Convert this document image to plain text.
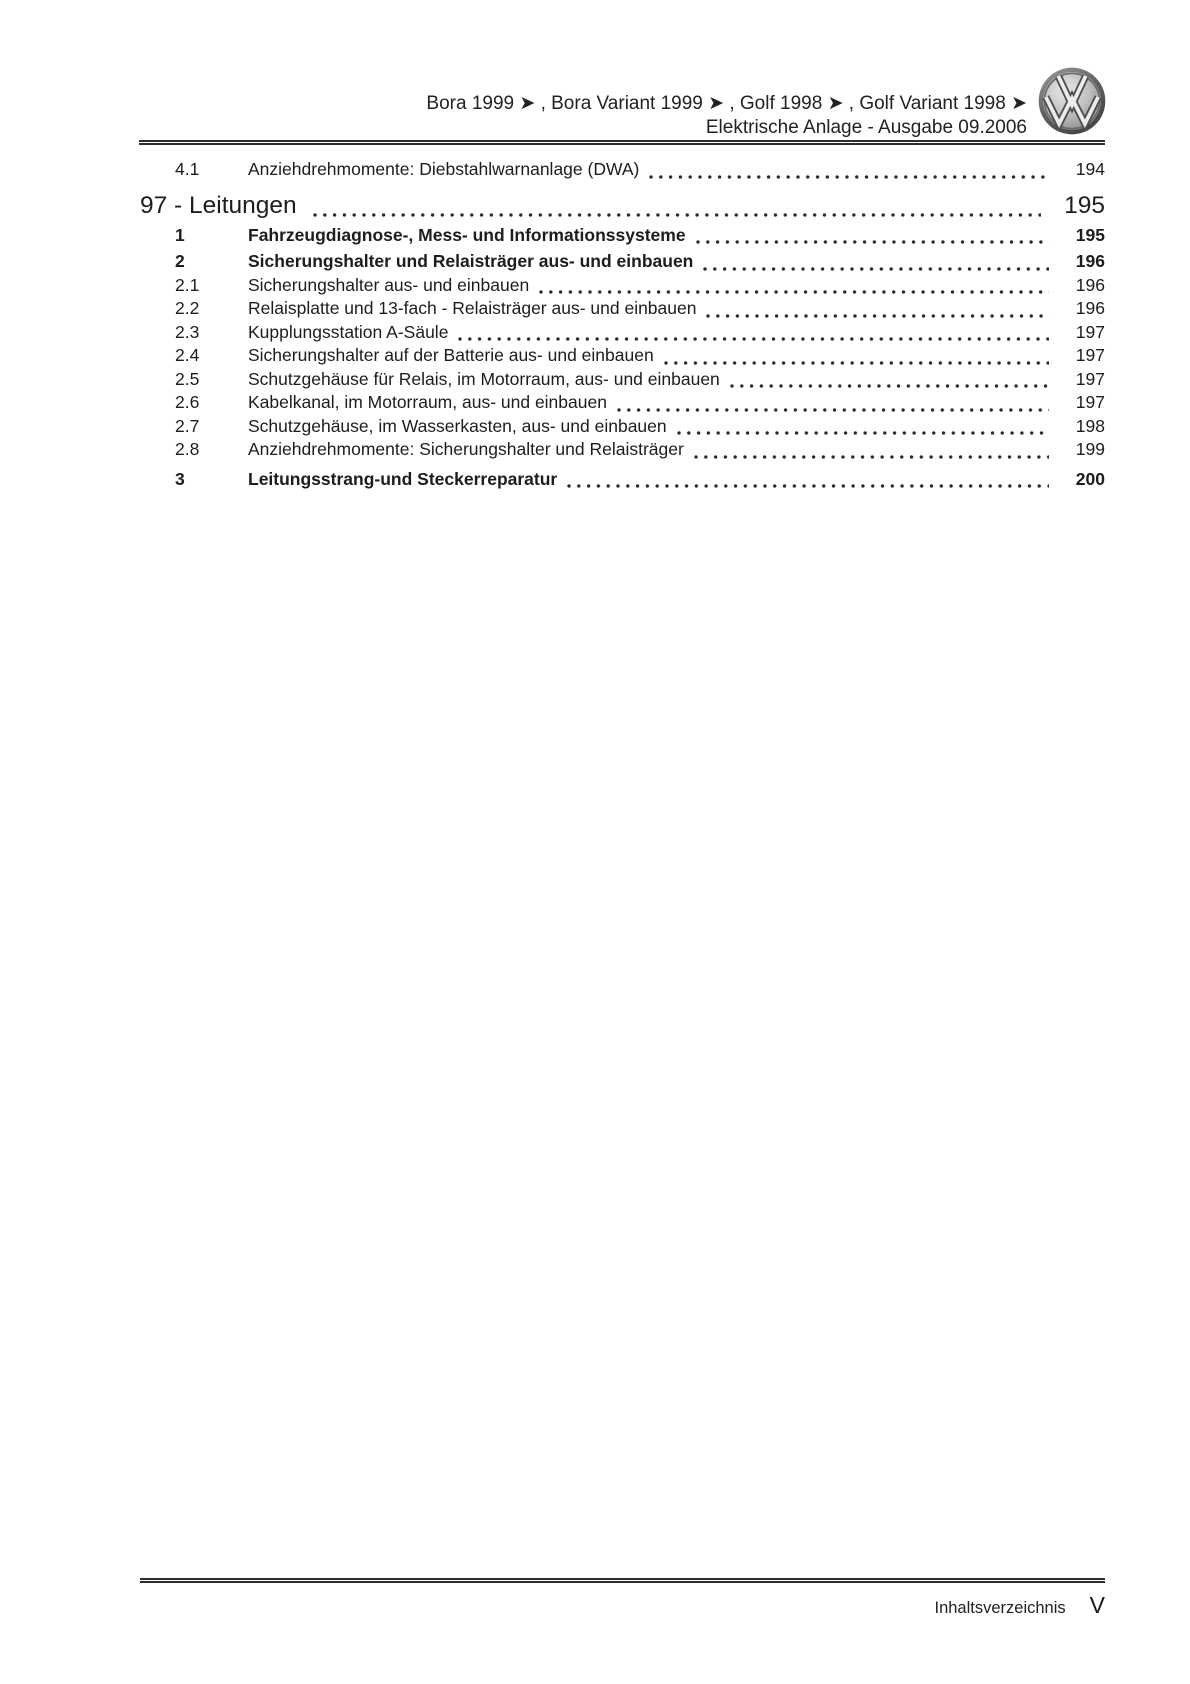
Bora 1999 ➤ , Bora Variant 1999 ➤ , Golf 1998 ➤ , Golf Variant 1998 ➤
Elektrische Anlage - Ausgabe 09.2006
4.1	Anziehdrehmomente: Diebstahlwarnanlage (DWA)	194
97 - Leitungen	195
1	Fahrzeugdiagnose-, Mess- und Informationssysteme	195
2	Sicherungshalter und Relaisträger aus- und einbauen	196
2.1	Sicherungshalter aus- und einbauen	196
2.2	Relaisplatte und 13-fach - Relaisträger aus- und einbauen	196
2.3	Kupplungsstation A-Säule	197
2.4	Sicherungshalter auf der Batterie aus- und einbauen	197
2.5	Schutzgehäuse für Relais, im Motorraum, aus- und einbauen	197
2.6	Kabelkanal, im Motorraum, aus- und einbauen	197
2.7	Schutzgehäuse, im Wasserkasten, aus- und einbauen	198
2.8	Anziehdrehmomente: Sicherungshalter und Relaisträger	199
3	Leitungsstrang-und Steckerreparatur	200
Inhaltsverzeichnis V
